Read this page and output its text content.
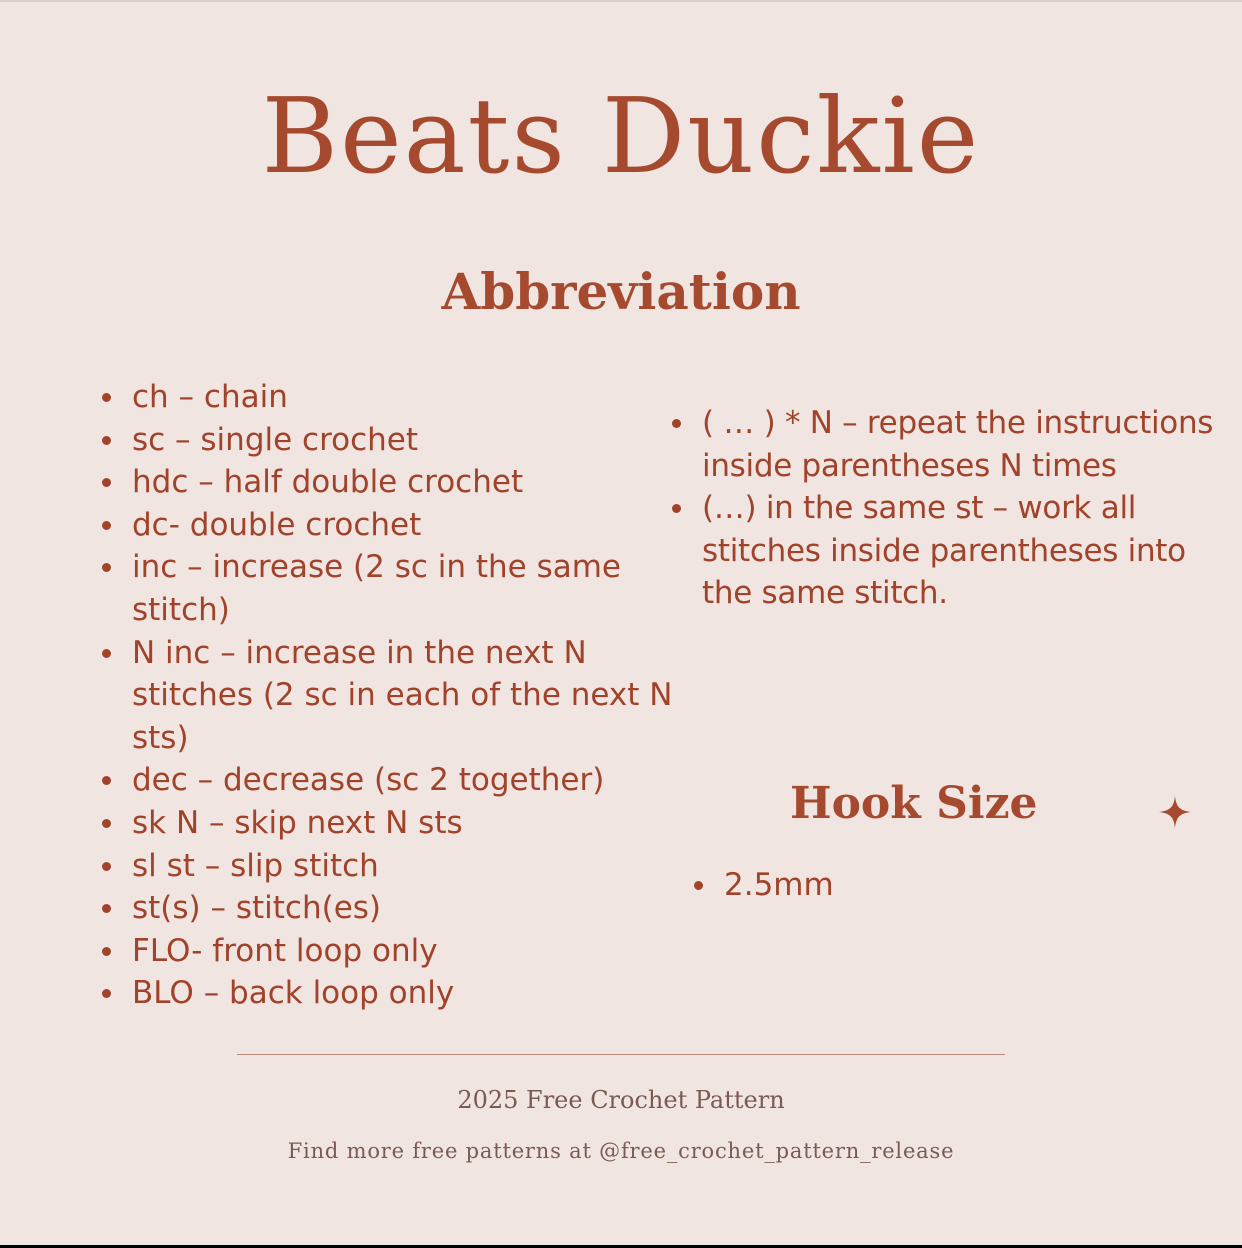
Beats Duckie
Abbreviation
ch – chain
sc – single crochet
hdc – half double crochet
dc- double crochet
inc – increase (2 sc in the same stitch)
N inc – increase in the next N stitches (2 sc in each of the next N sts)
dec – decrease (sc 2 together)
sk N – skip next N sts
sl st – slip stitch
st(s) – stitch(es)
FLO- front loop only
BLO – back loop only
( … ) * N – repeat the instructions inside parentheses N times
(…) in the same st – work all stitches inside parentheses into the same stitch.
Hook Size
2.5mm

2025 Free Crochet Pattern

Find more free patterns at @free_crochet_pattern_release
